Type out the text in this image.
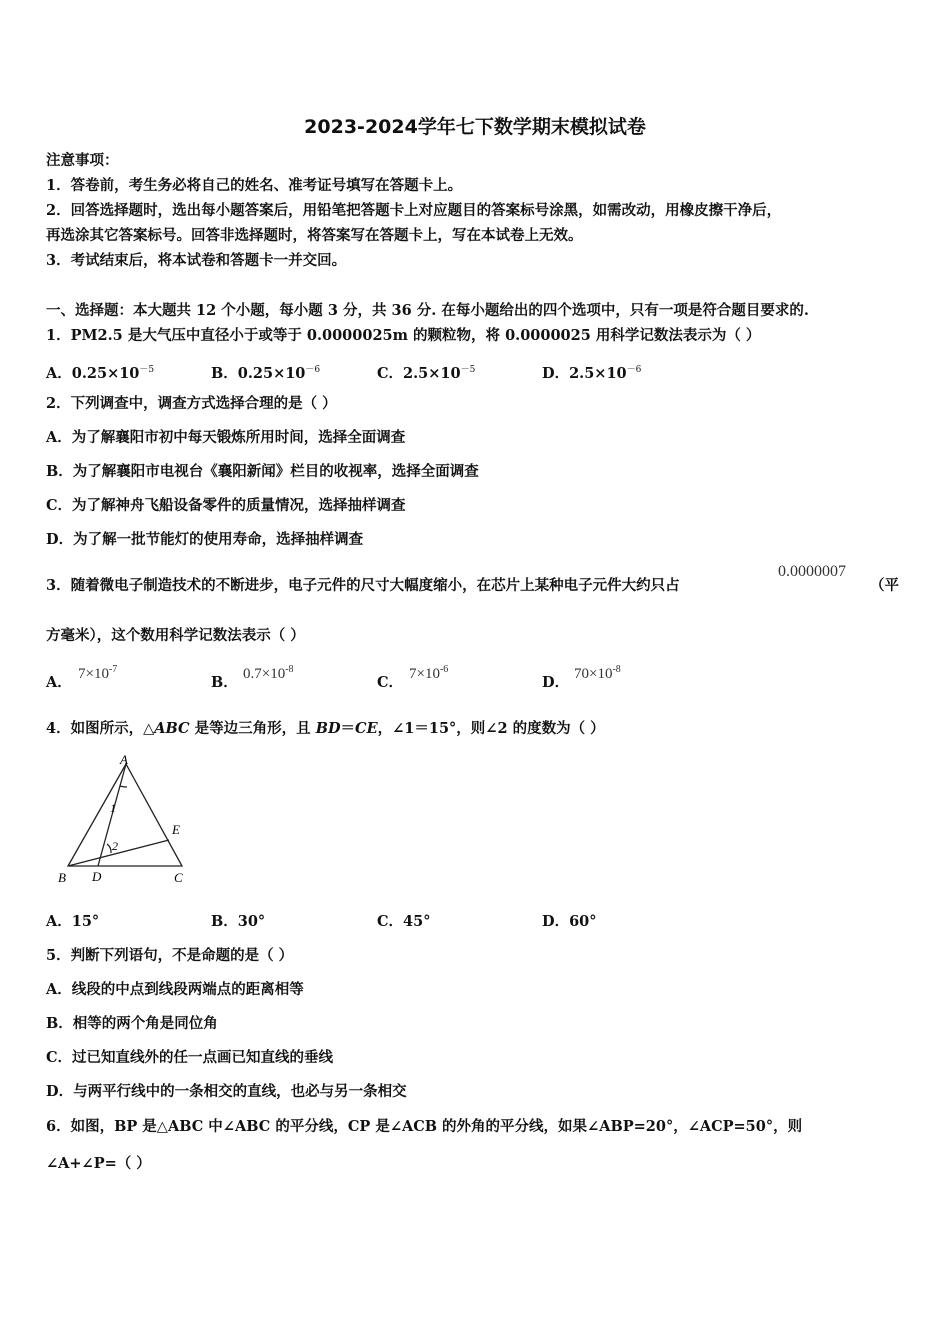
2023-2024学年七下数学期末模拟试卷
注意事项：
1．答卷前，考生务必将自己的姓名、准考证号填写在答题卡上。
2．回答选择题时，选出每小题答案后，用铅笔把答题卡上对应题目的答案标号涂黑，如需改动，用橡皮擦干净后，
再选涂其它答案标号。回答非选择题时，将答案写在答题卡上，写在本试卷上无效。
3．考试结束后，将本试卷和答题卡一并交回。
一、选择题：本大题共 12 个小题，每小题 3 分，共 36 分. 在每小题给出的四个选项中，只有一项是符合题目要求的.
1．PM2.5 是大气压中直径小于或等于 0.0000025m 的颗粒物，将 0.0000025 用科学记数法表示为（ ）
A．$0.25\times 10^{-5}$	B．$0.25\times 10^{-6}$	C．$2.5\times 10^{-5}$	D．$2.5\times 10^{-6}$
2．下列调查中，调查方式选择合理的是（ ）
A．为了解襄阳市初中每天锻炼所用时间，选择全面调查
B．为了解襄阳市电视台《襄阳新闻》栏目的收视率，选择全面调查
C．为了解神舟飞船设备零件的质量情况，选择抽样调查
D．为了解一批节能灯的使用寿命，选择抽样调查
3．随着微电子制造技术的不断进步，电子元件的尺寸大幅度缩小，在芯片上某种电子元件大约只占
0.0000007
（平
方毫米），这个数用科学记数法表示（ ）
A． $7\times 10^{-7}$
B． $0.7\times 10^{-8}$
C． $7\times 10^{-6}$
D． $70\times 10^{-8}$
4．如图所示，△ABC 是等边三角形，且 BD＝CE，∠1＝15°，则∠2 的度数为（ ）
A
B	C
D
E
1
2
A．15°	B．30°	C．45°	D．60°
5．判断下列语句，不是命题的是（ ）
A．线段的中点到线段两端点的距离相等
B．相等的两个角是同位角
C．过已知直线外的任一点画已知直线的垂线
D．与两平行线中的一条相交的直线，也必与另一条相交
6．如图，BP 是△ABC 中∠ABC 的平分线，CP 是∠ACB 的外角的平分线，如果∠ABP=20°，∠ACP=50°，则
∠A+∠P=（ ）
